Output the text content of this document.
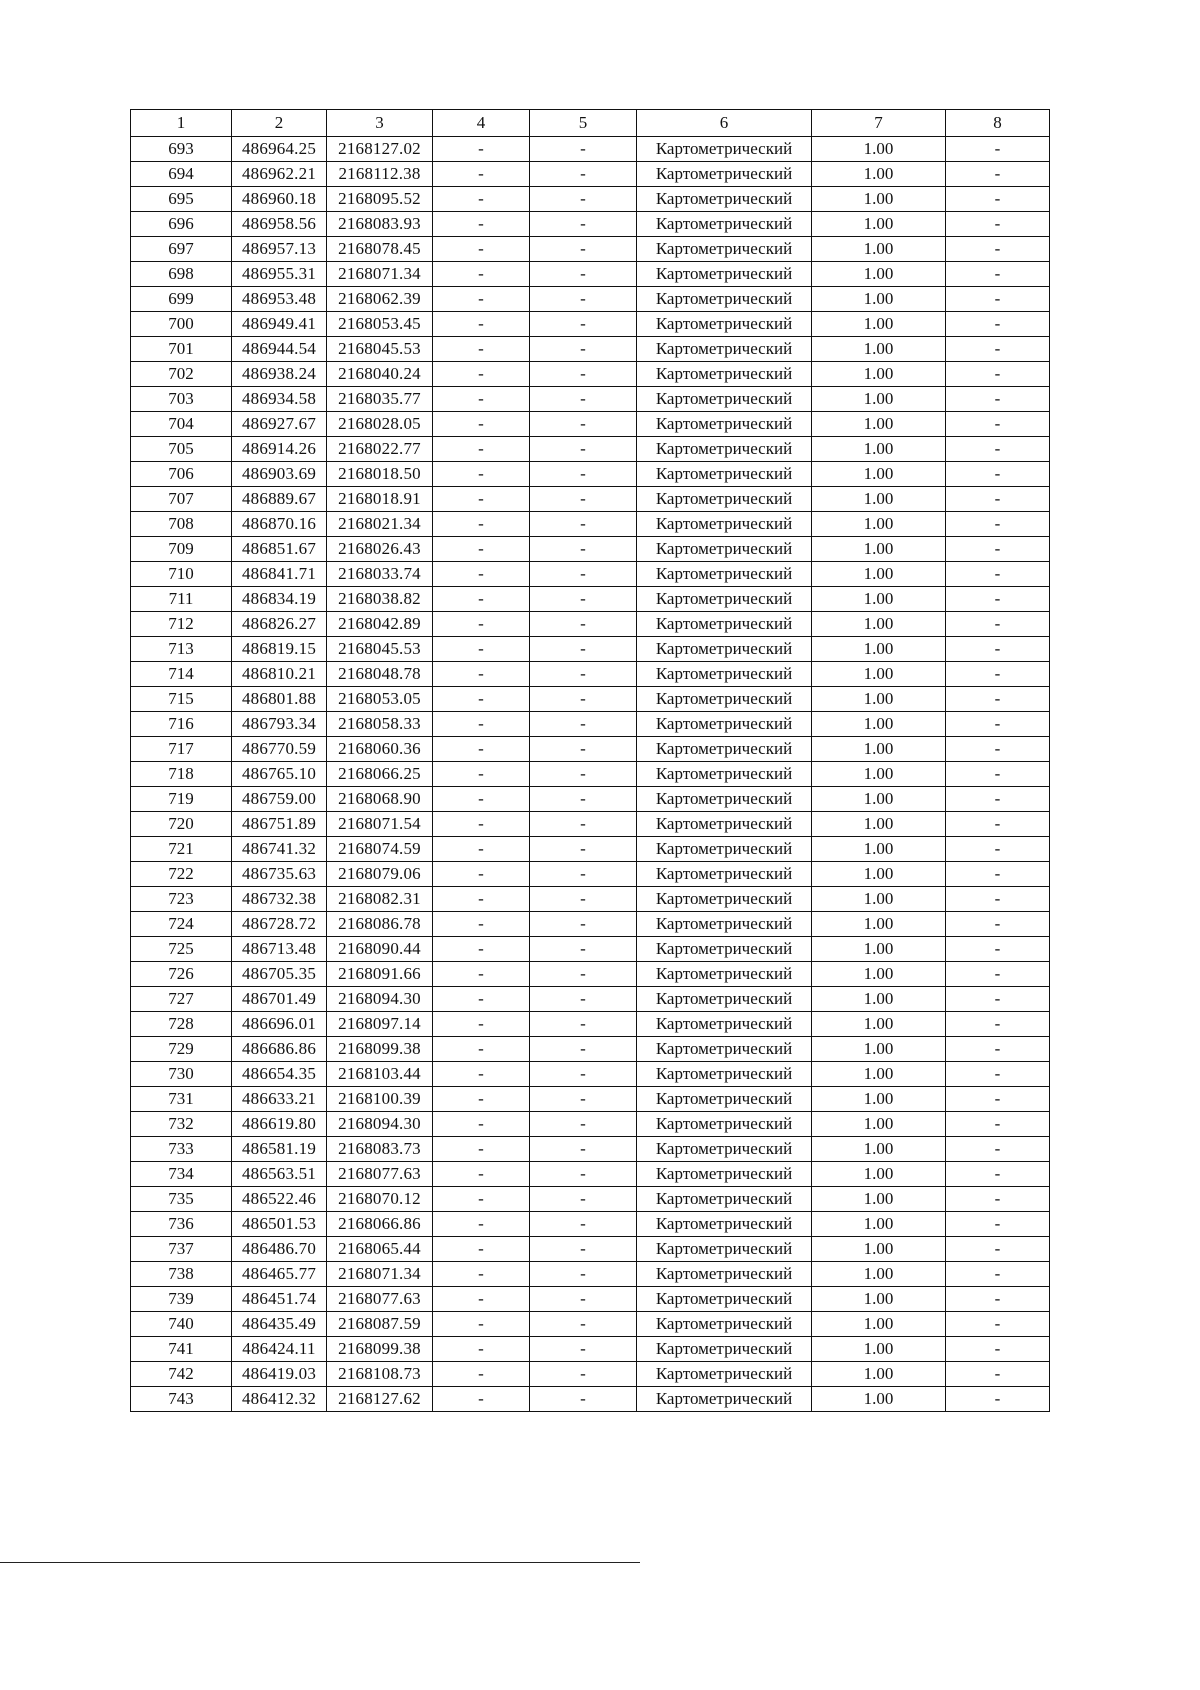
1	2	3	4	5	6	7	8
693	486964.25	2168127.02	-	-	Картометрический	1.00	-
694	486962.21	2168112.38	-	-	Картометрический	1.00	-
695	486960.18	2168095.52	-	-	Картометрический	1.00	-
696	486958.56	2168083.93	-	-	Картометрический	1.00	-
697	486957.13	2168078.45	-	-	Картометрический	1.00	-
698	486955.31	2168071.34	-	-	Картометрический	1.00	-
699	486953.48	2168062.39	-	-	Картометрический	1.00	-
700	486949.41	2168053.45	-	-	Картометрический	1.00	-
701	486944.54	2168045.53	-	-	Картометрический	1.00	-
702	486938.24	2168040.24	-	-	Картометрический	1.00	-
703	486934.58	2168035.77	-	-	Картометрический	1.00	-
704	486927.67	2168028.05	-	-	Картометрический	1.00	-
705	486914.26	2168022.77	-	-	Картометрический	1.00	-
706	486903.69	2168018.50	-	-	Картометрический	1.00	-
707	486889.67	2168018.91	-	-	Картометрический	1.00	-
708	486870.16	2168021.34	-	-	Картометрический	1.00	-
709	486851.67	2168026.43	-	-	Картометрический	1.00	-
710	486841.71	2168033.74	-	-	Картометрический	1.00	-
711	486834.19	2168038.82	-	-	Картометрический	1.00	-
712	486826.27	2168042.89	-	-	Картометрический	1.00	-
713	486819.15	2168045.53	-	-	Картометрический	1.00	-
714	486810.21	2168048.78	-	-	Картометрический	1.00	-
715	486801.88	2168053.05	-	-	Картометрический	1.00	-
716	486793.34	2168058.33	-	-	Картометрический	1.00	-
717	486770.59	2168060.36	-	-	Картометрический	1.00	-
718	486765.10	2168066.25	-	-	Картометрический	1.00	-
719	486759.00	2168068.90	-	-	Картометрический	1.00	-
720	486751.89	2168071.54	-	-	Картометрический	1.00	-
721	486741.32	2168074.59	-	-	Картометрический	1.00	-
722	486735.63	2168079.06	-	-	Картометрический	1.00	-
723	486732.38	2168082.31	-	-	Картометрический	1.00	-
724	486728.72	2168086.78	-	-	Картометрический	1.00	-
725	486713.48	2168090.44	-	-	Картометрический	1.00	-
726	486705.35	2168091.66	-	-	Картометрический	1.00	-
727	486701.49	2168094.30	-	-	Картометрический	1.00	-
728	486696.01	2168097.14	-	-	Картометрический	1.00	-
729	486686.86	2168099.38	-	-	Картометрический	1.00	-
730	486654.35	2168103.44	-	-	Картометрический	1.00	-
731	486633.21	2168100.39	-	-	Картометрический	1.00	-
732	486619.80	2168094.30	-	-	Картометрический	1.00	-
733	486581.19	2168083.73	-	-	Картометрический	1.00	-
734	486563.51	2168077.63	-	-	Картометрический	1.00	-
735	486522.46	2168070.12	-	-	Картометрический	1.00	-
736	486501.53	2168066.86	-	-	Картометрический	1.00	-
737	486486.70	2168065.44	-	-	Картометрический	1.00	-
738	486465.77	2168071.34	-	-	Картометрический	1.00	-
739	486451.74	2168077.63	-	-	Картометрический	1.00	-
740	486435.49	2168087.59	-	-	Картометрический	1.00	-
741	486424.11	2168099.38	-	-	Картометрический	1.00	-
742	486419.03	2168108.73	-	-	Картометрический	1.00	-
743	486412.32	2168127.62	-	-	Картометрический	1.00	-
